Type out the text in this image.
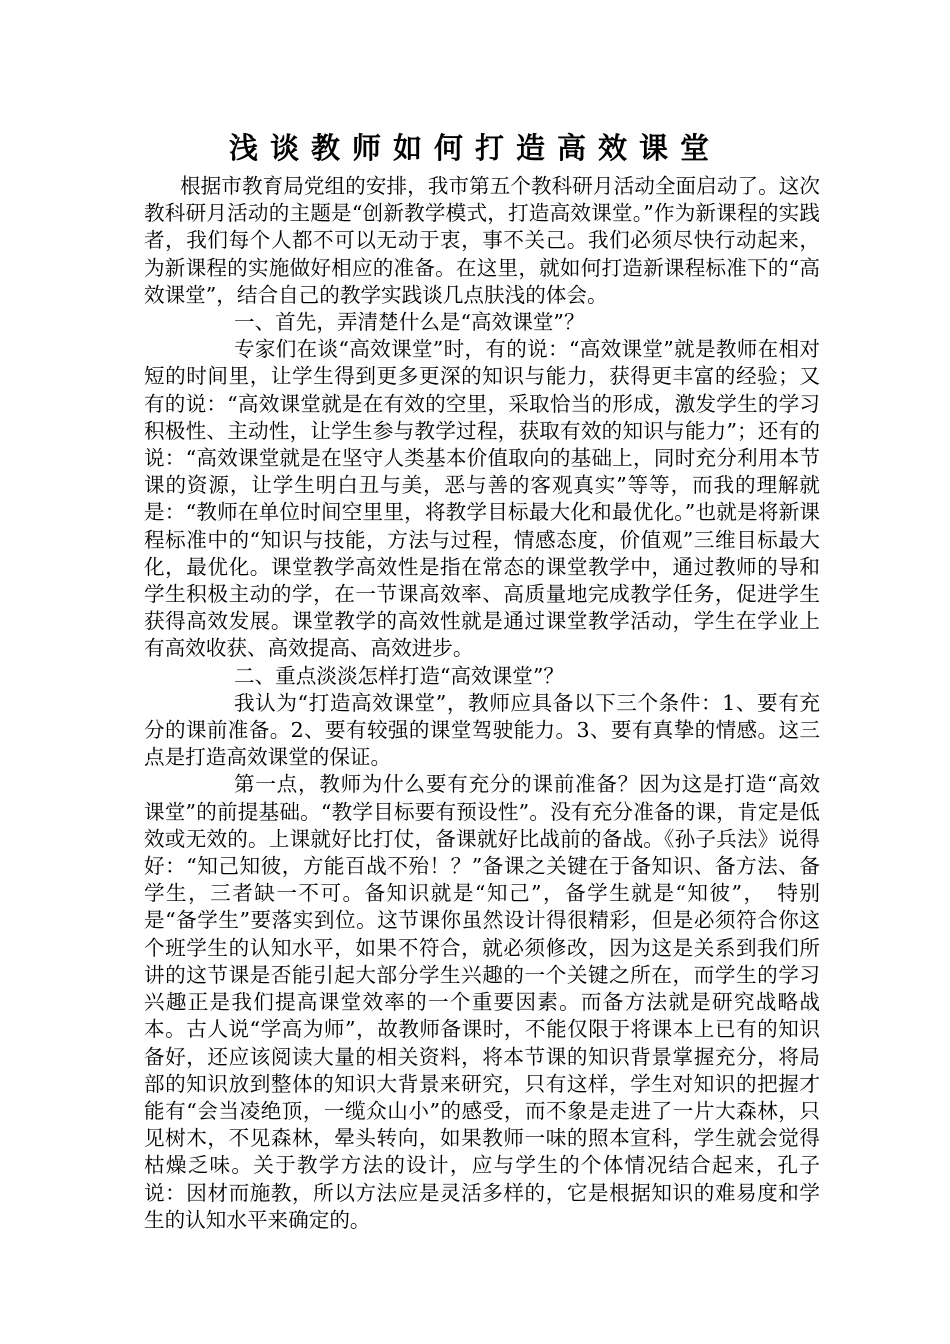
浅谈教师如何打造高效课堂

根据市教育局党组的安排，我市第五个教科研月活动全面启动了。这次教科研月活动的主题是“创新教学模式，打造高效课堂。”作为新课程的实践者，我们每个人都不可以无动于衷，事不关己。我们必须尽快行动起来，为新课程的实施做好相应的准备。在这里，就如何打造新课程标准下的“高效课堂”，结合自己的教学实践谈几点肤浅的体会。

一、首先，弄清楚什么是“高效课堂”？

专家们在谈“高效课堂”时，有的说：“高效课堂”就是教师在相对短的时间里，让学生得到更多更深的知识与能力，获得更丰富的经验；又有的说：“高效课堂就是在有效的空里，采取恰当的形成，激发学生的学习积极性、主动性，让学生参与教学过程，获取有效的知识与能力”；还有的说：“高效课堂就是在坚守人类基本价值取向的基础上，同时充分利用本节课的资源，让学生明白丑与美，恶与善的客观真实”等等，而我的理解就是：“教师在单位时间空里里，将教学目标最大化和最优化。”也就是将新课程标准中的“知识与技能，方法与过程，情感态度，价值观”三维目标最大化，最优化。课堂教学高效性是指在常态的课堂教学中，通过教师的导和学生积极主动的学，在一节课高效率、高质量地完成教学任务，促进学生获得高效发展。课堂教学的高效性就是通过课堂教学活动，学生在学业上有高效收获、高效提高、高效进步。

二、重点淡淡怎样打造“高效课堂”？

我认为“打造高效课堂”，教师应具备以下三个条件：1、要有充分的课前准备。2、要有较强的课堂驾驶能力。3、要有真挚的情感。这三点是打造高效课堂的保证。

第一点，教师为什么要有充分的课前准备？因为这是打造“高效课堂”的前提基础。“教学目标要有预设性”。没有充分准备的课，肯定是低效或无效的。上课就好比打仗，备课就好比战前的备战。《孙子兵法》说得好：“知己知彼，方能百战不殆！？”备课之关键在于备知识、备方法、备学生，三者缺一不可。备知识就是“知己”，备学生就是“知彼”，　特别是“备学生”要落实到位。这节课你虽然设计得很精彩，但是必须符合你这个班学生的认知水平，如果不符合，就必须修改，因为这是关系到我们所讲的这节课是否能引起大部分学生兴趣的一个关键之所在，而学生的学习兴趣正是我们提高课堂效率的一个重要因素。而备方法就是研究战略战本。古人说“学高为师”，故教师备课时，不能仅限于将课本上已有的知识备好，还应该阅读大量的相关资料，将本节课的知识背景掌握充分，将局部的知识放到整体的知识大背景来研究，只有这样，学生对知识的把握才能有“会当凌绝顶，一缆众山小”的感受，而不象是走进了一片大森林，只见树木，不见森林，晕头转向，如果教师一味的照本宣科，学生就会觉得枯燥乏味。关于教学方法的设计，应与学生的个体情况结合起来，孔子说：因材而施教，所以方法应是灵活多样的，它是根据知识的难易度和学生的认知水平来确定的。
